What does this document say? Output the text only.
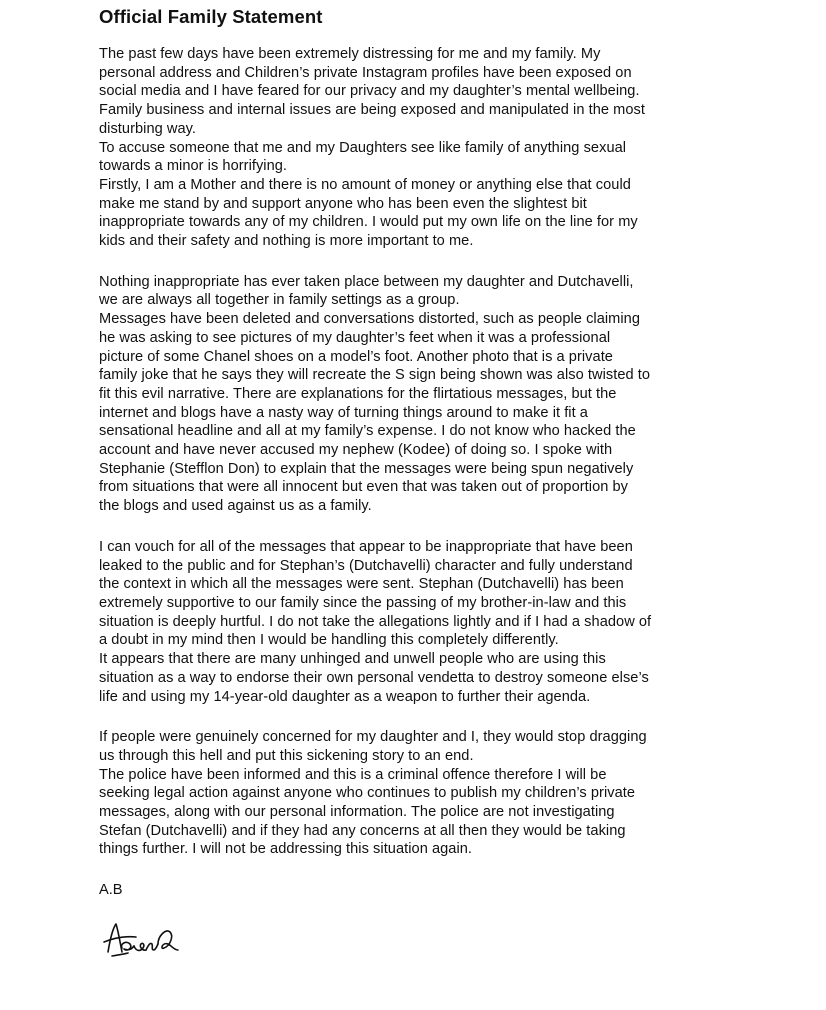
Official Family Statement
The past few days have been extremely distressing for me and my family. My
personal address and Children’s private Instagram profiles have been exposed on
social media and I have feared for our privacy and my daughter’s mental wellbeing.
Family business and internal issues are being exposed and manipulated in the most
disturbing way.
To accuse someone that me and my Daughters see like family of anything sexual
towards a minor is horrifying.
Firstly, I am a Mother and there is no amount of money or anything else that could
make me stand by and support anyone who has been even the slightest bit
inappropriate towards any of my children. I would put my own life on the line for my
kids and their safety and nothing is more important to me.
Nothing inappropriate has ever taken place between my daughter and Dutchavelli,
we are always all together in family settings as a group.
Messages have been deleted and conversations distorted, such as people claiming
he was asking to see pictures of my daughter’s feet when it was a professional
picture of some Chanel shoes on a model’s foot. Another photo that is a private
family joke that he says they will recreate the S sign being shown was also twisted to
fit this evil narrative. There are explanations for the flirtatious messages, but the
internet and blogs have a nasty way of turning things around to make it fit a
sensational headline and all at my family’s expense. I do not know who hacked the
account and have never accused my nephew (Kodee) of doing so. I spoke with
Stephanie (Stefflon Don) to explain that the messages were being spun negatively
from situations that were all innocent but even that was taken out of proportion by
the blogs and used against us as a family.
I can vouch for all of the messages that appear to be inappropriate that have been
leaked to the public and for Stephan’s (Dutchavelli) character and fully understand
the context in which all the messages were sent. Stephan (Dutchavelli) has been
extremely supportive to our family since the passing of my brother-in-law and this
situation is deeply hurtful. I do not take the allegations lightly and if I had a shadow of
a doubt in my mind then I would be handling this completely differently.
It appears that there are many unhinged and unwell people who are using this
situation as a way to endorse their own personal vendetta to destroy someone else’s
life and using my 14-year-old daughter as a weapon to further their agenda.
If people were genuinely concerned for my daughter and I, they would stop dragging
us through this hell and put this sickening story to an end.
The police have been informed and this is a criminal offence therefore I will be
seeking legal action against anyone who continues to publish my children’s private
messages, along with our personal information. The police are not investigating
Stefan (Dutchavelli) and if they had any concerns at all then they would be taking
things further. I will not be addressing this situation again.
A.B
